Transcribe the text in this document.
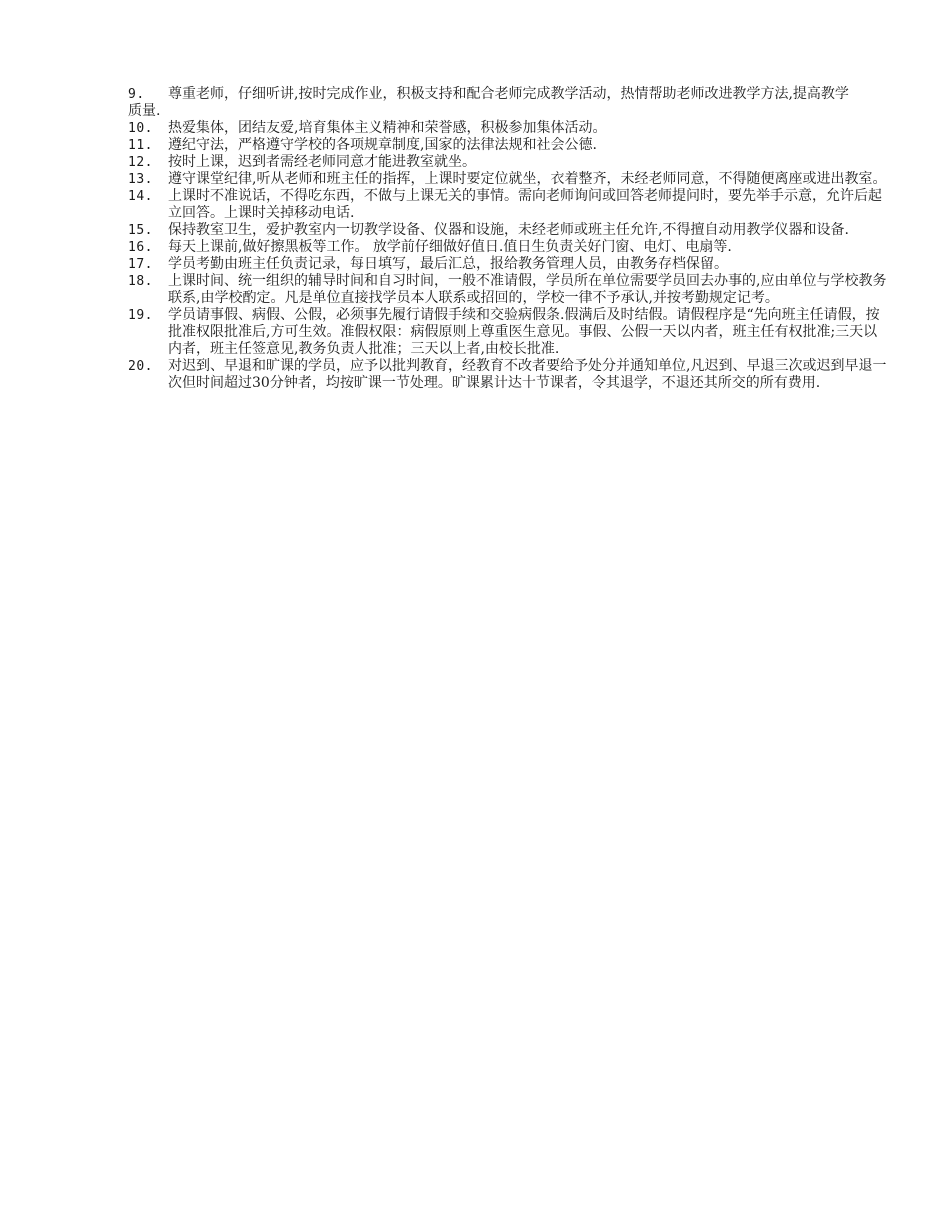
9.	尊重老师，仔细听讲,按时完成作业，积极支持和配合老师完成教学活动，热情帮助老师改进教学方法,提高教学
质量.
10.	热爱集体，团结友爱,培育集体主义精神和荣誉感，积极参加集体活动。
11.	遵纪守法，严格遵守学校的各项规章制度,国家的法律法规和社会公德.
12.	按时上课，迟到者需经老师同意才能进教室就坐。
13.	遵守课堂纪律,听从老师和班主任的指挥，上课时要定位就坐，衣着整齐，未经老师同意，不得随便离座或进出教室。
14.	上课时不准说话，不得吃东西，不做与上课无关的事情。需向老师询问或回答老师提问时，要先举手示意，允许后起立回答。上课时关掉移动电话.
15.	保持教室卫生，爱护教室内一切教学设备、仪器和设施，未经老师或班主任允许,不得擅自动用教学仪器和设备.
16.	每天上课前,做好擦黑板等工作。 放学前仔细做好值日.值日生负责关好门窗、电灯、电扇等.
17.	学员考勤由班主任负责记录，每日填写，最后汇总，报给教务管理人员，由教务存档保留。
18.	上课时间、统一组织的辅导时间和自习时间，一般不准请假，学员所在单位需要学员回去办事的,应由单位与学校教务联系,由学校酌定。凡是单位直接找学员本人联系或招回的，学校一律不予承认,并按考勤规定记考。
19.	学员请事假、病假、公假，必须事先履行请假手续和交验病假条.假满后及时结假。请假程序是“先向班主任请假，按批准权限批准后,方可生效。准假权限：病假原则上尊重医生意见。事假、公假一天以内者，班主任有权批准;三天以内者，班主任签意见,教务负责人批准；三天以上者,由校长批准.
20.	对迟到、早退和旷课的学员，应予以批判教育，经教育不改者要给予处分并通知单位,凡迟到、早退三次或迟到早退一次但时间超过30分钟者，均按旷课一节处理。旷课累计达十节课者，令其退学，不退还其所交的所有费用.
